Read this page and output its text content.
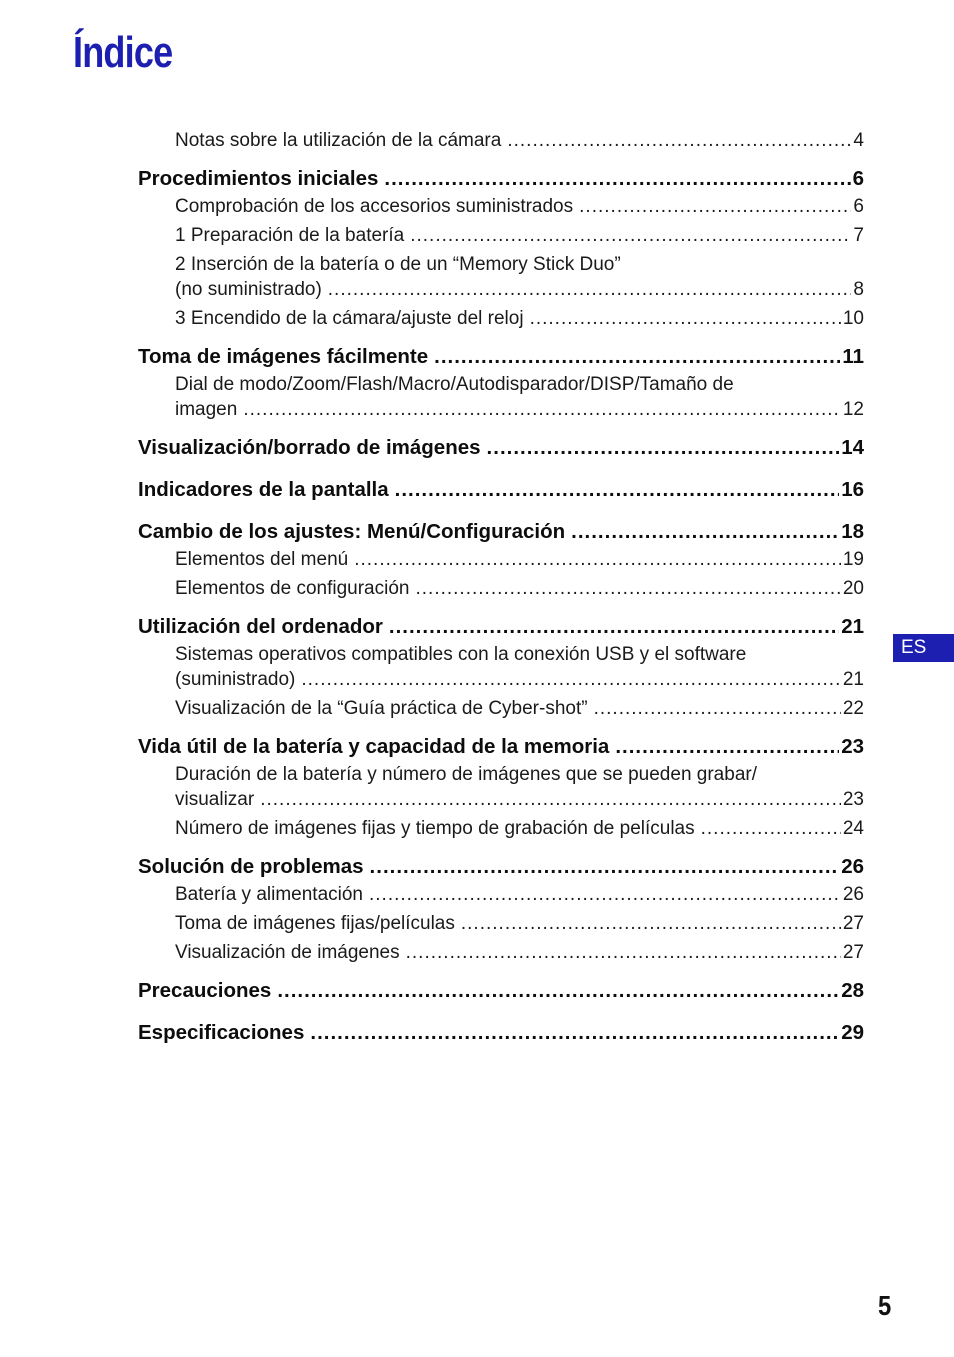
Índice
Notas sobre la utilización de la cámara .....	4
Procedimientos iniciales .....	6
Comprobación de los accesorios suministrados .....	6
1 Preparación de la batería .....	7
2 Inserción de la batería o de un “Memory Stick Duo”
(no suministrado) .....	8
3 Encendido de la cámara/ajuste del reloj .....	10
Toma de imágenes fácilmente .....	11
Dial de modo/Zoom/Flash/Macro/Autodisparador/DISP/Tamaño de
imagen .....	12
Visualización/borrado de imágenes .....	14
Indicadores de la pantalla .....	16
Cambio de los ajustes: Menú/Configuración .....	18
Elementos del menú .....	19
Elementos de configuración .....	20
Utilización del ordenador .....	21
Sistemas operativos compatibles con la conexión USB y el software
(suministrado) .....	21
Visualización de la “Guía práctica de Cyber-shot” .....	22
Vida útil de la batería y capacidad de la memoria .....	23
Duración de la batería y número de imágenes que se pueden grabar/
visualizar .....	23
Número de imágenes fijas y tiempo de grabación de películas .....	24
Solución de problemas .....	26
Batería y alimentación .....	26
Toma de imágenes fijas/películas .....	27
Visualización de imágenes .....	27
Precauciones .....	28
Especificaciones .....	29
ES
5
